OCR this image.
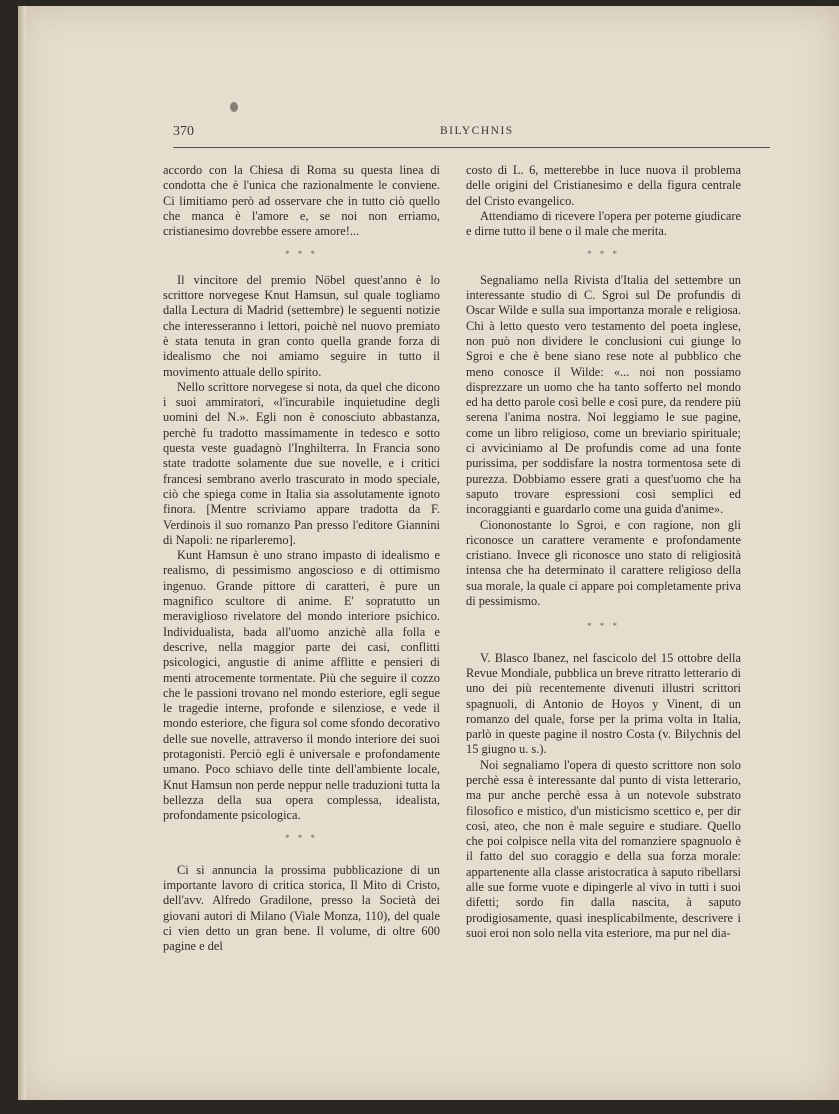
370	BILYCHNIS

accordo con la Chiesa di Roma su questa linea di condotta che è l'unica che razionalmente le conviene. Ci limitiamo però ad osservare che in tutto ciò quello che manca è l'amore e, se noi non erriamo, cristianesimo dovrebbe essere amore!...

* * *

Il vincitore del premio Nöbel quest'anno è lo scrittore norvegese Knut Hamsun, sul quale togliamo dalla Lectura di Madrid (settembre) le seguenti notizie che interesseranno i lettori, poichè nel nuovo premiato è stata tenuta in gran conto quella grande forza di idealismo che noi amiamo seguire in tutto il movimento attuale dello spirito.

Nello scrittore norvegese si nota, da quel che dicono i suoi ammiratori, «l'incurabile inquietudine degli uomini del N.». Egli non è conosciuto abbastanza, perchè fu tradotto massimamente in tedesco e sotto questa veste guadagnò l'Inghilterra. In Francia sono state tradotte solamente due sue novelle, e i critici francesi sembrano averlo trascurato in modo speciale, ciò che spiega come in Italia sia assolutamente ignoto finora. [Mentre scriviamo appare tradotta da F. Verdinois il suo romanzo Pan presso l'editore Giannini di Napoli: ne riparleremo].

Kunt Hamsun è uno strano impasto di idealismo e realismo, di pessimismo angoscioso e di ottimismo ingenuo. Grande pittore di caratteri, è pure un magnifico scultore di anime. E' sopratutto un meraviglioso rivelatore del mondo interiore psichico. Individualista, bada all'uomo anzichè alla folla e descrive, nella maggior parte dei casi, conflitti psicologici, angustie di anime afflitte e pensieri di menti atrocemente tormentate. Più che seguire il cozzo che le passioni trovano nel mondo esteriore, egli segue le tragedie interne, profonde e silenziose, e vede il mondo esteriore, che figura sol come sfondo decorativo delle sue novelle, attraverso il mondo interiore dei suoi protagonisti. Perciò egli è universale e profondamente umano. Poco schiavo delle tinte dell'ambiente locale, Knut Hamsun non perde neppur nelle traduzioni tutta la bellezza della sua opera complessa, idealista, profondamente psicologica.

* * *

Ci si annuncia la prossima pubblicazione di un importante lavoro di critica storica, Il Mito di Cristo, dell'avv. Alfredo Gradilone, presso la Società dei giovani autori di Milano (Viale Monza, 110), del quale ci vien detto un gran bene. Il volume, di oltre 600 pagine e del

costo di L. 6, metterebbe in luce nuova il problema delle origini del Cristianesimo e della figura centrale del Cristo evangelico.

Attendiamo di ricevere l'opera per poterne giudicare e dirne tutto il bene o il male che merita.

* * *

Segnaliamo nella Rivista d'Italia del settembre un interessante studio di C. Sgroi sul De profundis di Oscar Wilde e sulla sua importanza morale e religiosa. Chi à letto questo vero testamento del poeta inglese, non può non dividere le conclusioni cui giunge lo Sgroi e che è bene siano rese note al pubblico che meno conosce il Wilde: «... noi non possiamo disprezzare un uomo che ha tanto sofferto nel mondo ed ha detto parole così belle e così pure, da rendere più serena l'anima nostra. Noi leggiamo le sue pagine, come un libro religioso, come un breviario spirituale; ci avviciniamo al De profundis come ad una fonte purissima, per soddisfare la nostra tormentosa sete di purezza. Dobbiamo essere grati a quest'uomo che ha saputo trovare espressioni così semplici ed incoraggianti e guardarlo come una guida d'anime».

Ciononostante lo Sgroi, e con ragione, non gli riconosce un carattere veramente e profondamente cristiano. Invece gli riconosce uno stato di religiosità intensa che ha determinato il carattere religioso della sua morale, la quale ci appare poi completamente priva di pessimismo.

* * *

V. Blasco Ibanez, nel fascicolo del 15 ottobre della Revue Mondiale, pubblica un breve ritratto letterario di uno dei più recentemente divenuti illustri scrittori spagnuoli, di Antonio de Hoyos y Vinent, di un romanzo del quale, forse per la prima volta in Italia, parlò in queste pagine il nostro Costa (v. Bilychnis del 15 giugno u. s.).

Noi segnaliamo l'opera di questo scrittore non solo perchè essa è interessante dal punto di vista letterario, ma pur anche perchè essa à un notevole substrato filosofico e mistico, d'un misticismo scettico e, per dir così, ateo, che non è male seguire e studiare. Quello che poi colpisce nella vita del romanziere spagnuolo è il fatto del suo coraggio e della sua forza morale: appartenente alla classe aristocratica à saputo ribellarsi alle sue forme vuote e dipingerle al vivo in tutti i suoi difetti; sordo fin dalla nascita, à saputo prodigiosamente, quasi inesplicabilmente, descrivere i suoi eroi non solo nella vita esteriore, ma pur nel dia-
